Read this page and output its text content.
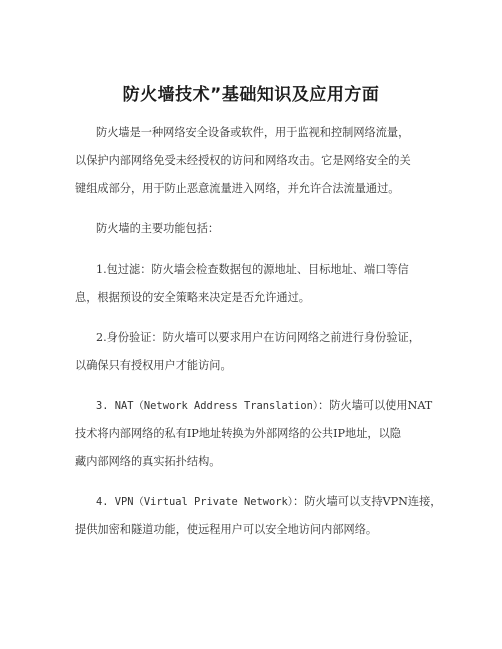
防火墙技术”基础知识及应用方面
防火墙是一种网络安全设备或软件，用于监视和控制网络流量，
以保护内部网络免受未经授权的访问和网络攻击。它是网络安全的关
键组成部分，用于防止恶意流量进入网络，并允许合法流量通过。
防火墙的主要功能包括：
1.包过滤：防火墙会检查数据包的源地址、目标地址、端口等信
息，根据预设的安全策略来决定是否允许通过。
2.身份验证：防火墙可以要求用户在访问网络之前进行身份验证，
以确保只有授权用户才能访问。
3. NAT（Network Address Translation）：防火墙可以使用NAT
技术将内部网络的私有IP地址转换为外部网络的公共IP地址，以隐
藏内部网络的真实拓扑结构。
4. VPN（Virtual Private Network）：防火墙可以支持VPN连接，
提供加密和隧道功能，使远程用户可以安全地访问内部网络。
